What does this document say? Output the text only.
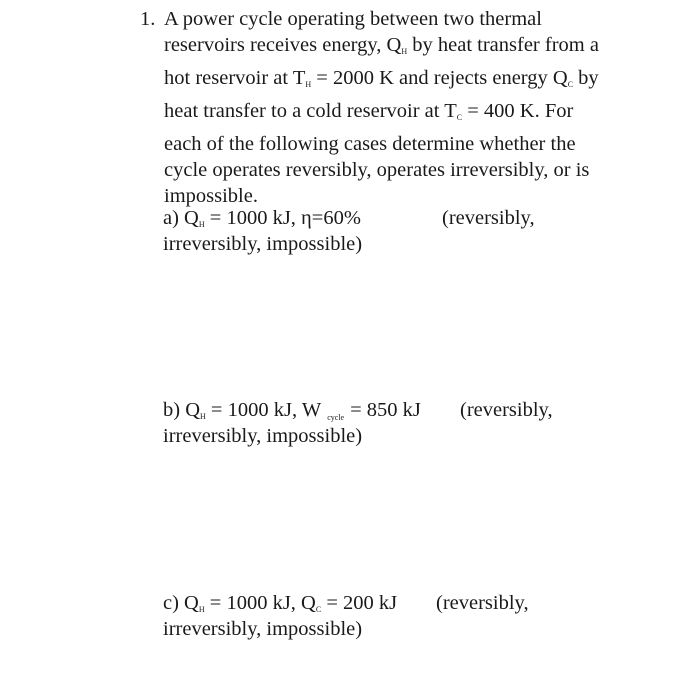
1. A power cycle operating between two thermal
reservoirs receives energy, $Q_H$ by heat transfer from a
hot reservoir at $T_H = 2000$ K and rejects energy $Q_C$ by
heat transfer to a cold reservoir at $T_C = 400$ K. For
each of the following cases determine whether the
cycle operates reversibly, operates irreversibly, or is
impossible.
a) $Q_H = 1000$ kJ, η=60%	(reversibly,
irreversibly, impossible)
b) $Q_H = 1000$ kJ, W cycle = 850 kJ (reversibly,
irreversibly, impossible)
c) $Q_H = 1000$ kJ, $Q_C = 200$ kJ (reversibly,
irreversibly, impossible)
